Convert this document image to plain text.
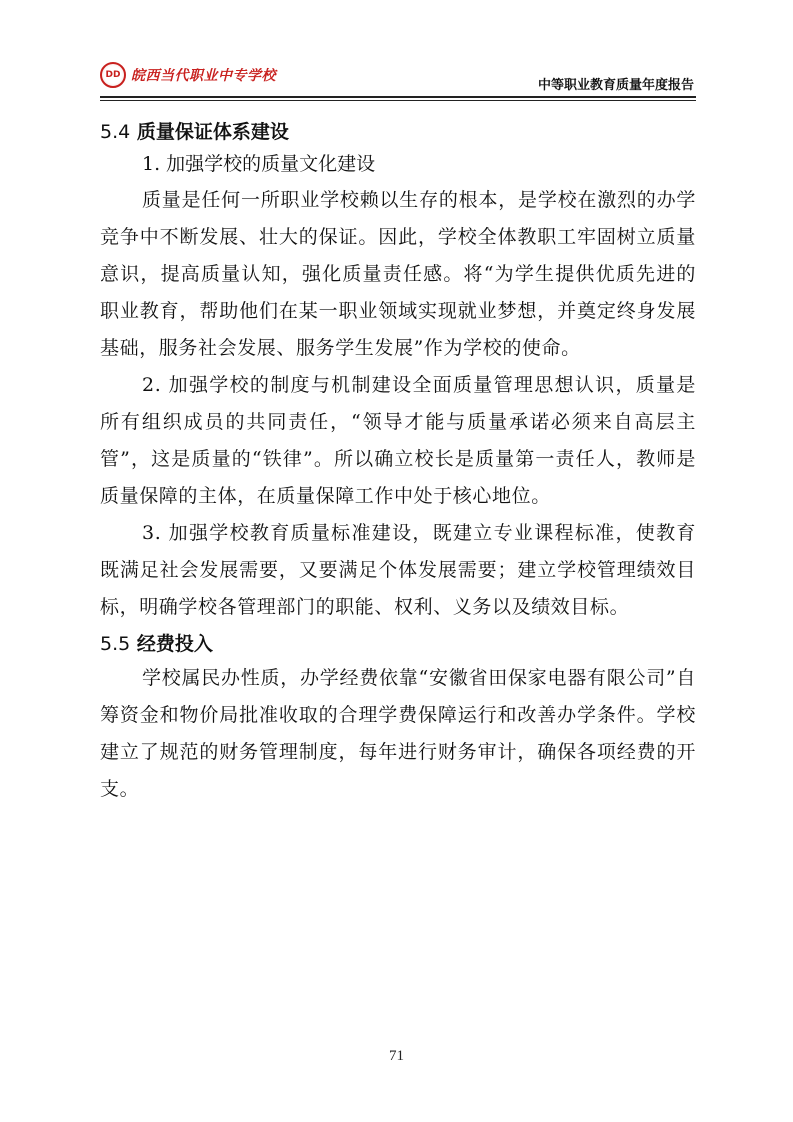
DD 皖西当代职业中专学校
中等职业教育质量年度报告
5.4 质量保证体系建设

1. 加强学校的质量文化建设

质量是任何一所职业学校赖以生存的根本，是学校在激烈的办学竞争中不断发展、壮大的保证。因此，学校全体教职工牢固树立质量意识，提高质量认知，强化质量责任感。将“为学生提供优质先进的职业教育，帮助他们在某一职业领域实现就业梦想，并奠定终身发展基础，服务社会发展、服务学生发展”作为学校的使命。

2. 加强学校的制度与机制建设全面质量管理思想认识，质量是所有组织成员的共同责任，“领导才能与质量承诺必须来自高层主管”，这是质量的“铁律”。所以确立校长是质量第一责任人，教师是质量保障的主体，在质量保障工作中处于核心地位。

3. 加强学校教育质量标准建设，既建立专业课程标准，使教育既满足社会发展需要，又要满足个体发展需要；建立学校管理绩效目标，明确学校各管理部门的职能、权利、义务以及绩效目标。

5.5 经费投入

学校属民办性质，办学经费依靠“安徽省田保家电器有限公司”自筹资金和物价局批准收取的合理学费保障运行和改善办学条件。学校建立了规范的财务管理制度，每年进行财务审计，确保各项经费的开支。

71
